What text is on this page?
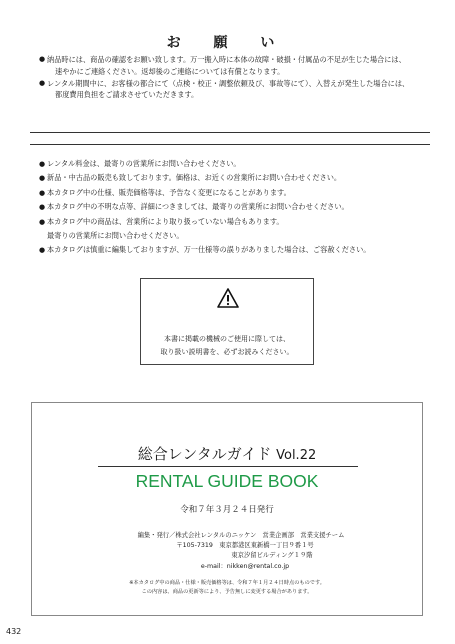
お 願 い
● 納品時には、商品の確認をお願い致します。万一搬入時に本体の故障・破損・付属品の不足が生じた場合には、
速やかにご連絡ください。返却後のご連絡については有償となります。
● レンタル期間中に、お客様の都合にて（点検・校正・調整依頼及び、事故等にて）、入替えが発生した場合には、
都度費用負担をご請求させていただきます。
● レンタル料金は、最寄りの営業所にお問い合わせください。
● 新品・中古品の販売も致しております。価格は、お近くの営業所にお問い合わせください。
● 本カタログ中の仕様、販売価格等は、予告なく変更になることがあります。
● 本カタログ中の不明な点等、詳細につきましては、最寄りの営業所にお問い合わせください。
● 本カタログ中の商品は、営業所により取り扱っていない場合もあります。
最寄りの営業所にお問い合わせください。
● 本カタログは慎重に編集しておりますが、万一仕様等の誤りがありました場合は、ご容赦ください。
本書に掲載の機械のご使用に際しては、
取り扱い説明書を、必ずお読みください。
総合レンタルガイド Vol.22
RENTAL GUIDE BOOK
令和７年３月２４日発行
編集・発行／株式会社レンタルのニッケン　営業企画部　営業支援チーム
〒105-7319　東京都港区東新橋一丁目９番１号
東京汐留ビルディング１９階
e-mail：nikken@rental.co.jp
※本カタログ中の商品・仕様・販売価格等は、令和７年１月２４日時点のものです。
この内容は、商品の更新等により、予告無しに変更する場合があります。
432
